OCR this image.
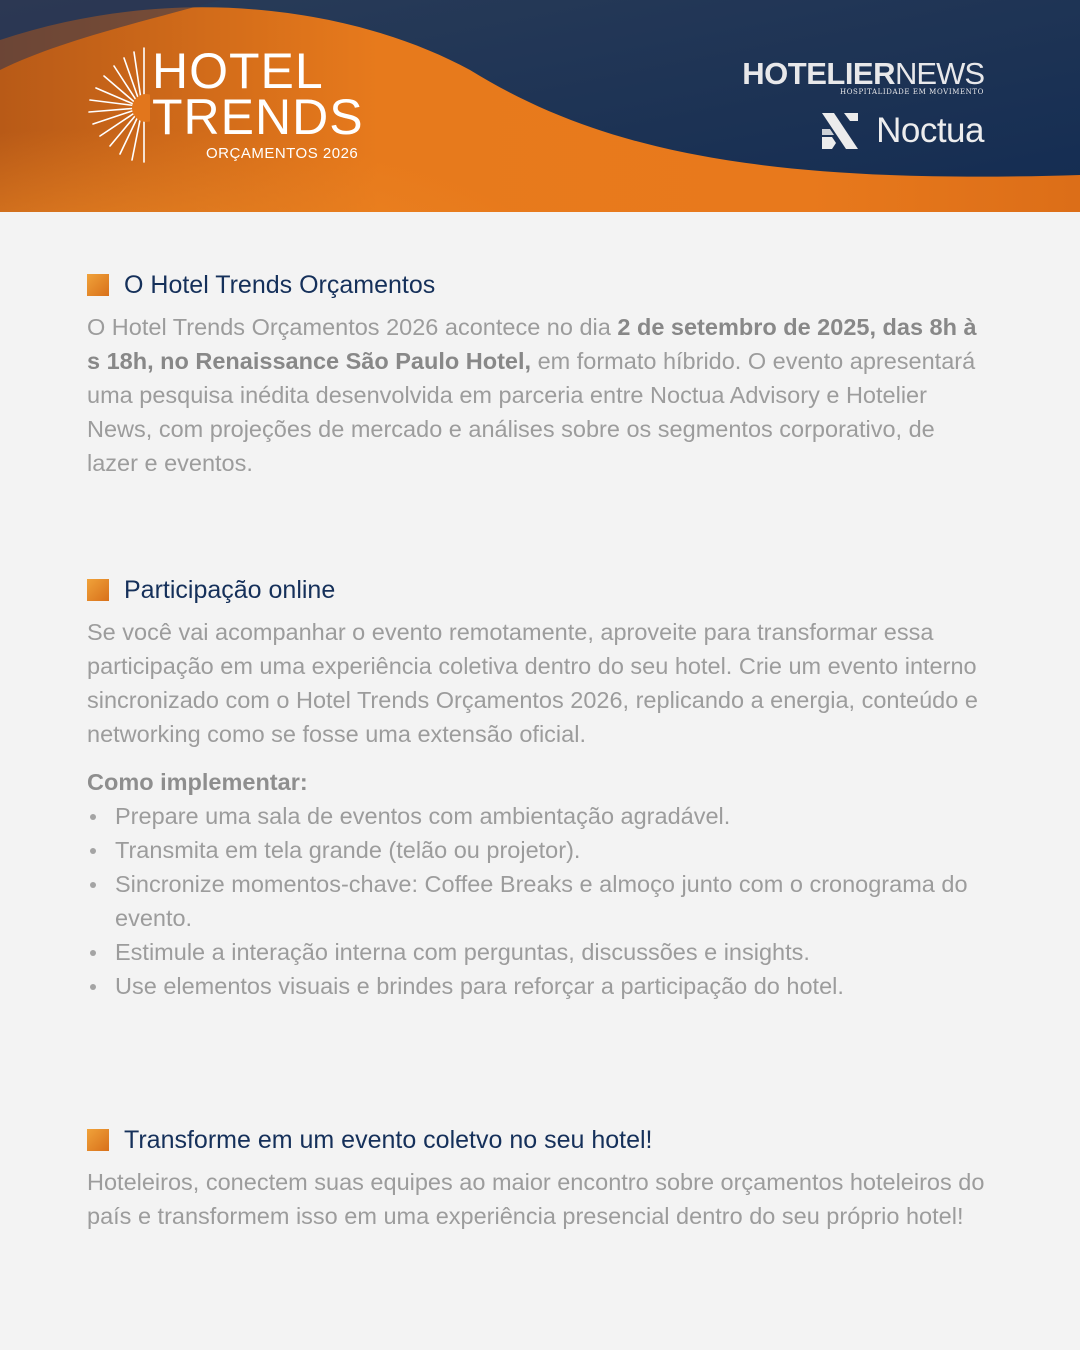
HOTEL
TRENDS
ORÇAMENTOS 2026
HOTELIERNEWS
HOSPITALIDADE EM MOVIMENTO
Noctua
O Hotel Trends Orçamentos

O Hotel Trends Orçamentos 2026 acontece no dia 2 de setembro de 2025, das 8h à s 18h, no Renaissance São Paulo Hotel, em formato híbrido. O evento apresentará uma pesquisa inédita desenvolvida em parceria entre Noctua Advisory e Hotelier News, com projeções de mercado e análises sobre os segmentos corporativo, de lazer e eventos.

Participação online

Se você vai acompanhar o evento remotamente, aproveite para transformar essa participação em uma experiência coletiva dentro do seu hotel. Crie um evento interno sincronizado com o Hotel Trends Orçamentos 2026, replicando a energia, conteúdo e networking como se fosse uma extensão oficial.

Como implementar:
Prepare uma sala de eventos com ambientação agradável.
Transmita em tela grande (telão ou projetor).
Sincronize momentos-chave: Coffee Breaks e almoço junto com o cronograma do evento.
Estimule a interação interna com perguntas, discussões e insights.
Use elementos visuais e brindes para reforçar a participação do hotel.
Transforme em um evento coletvo no seu hotel!

Hoteleiros, conectem suas equipes ao maior encontro sobre orçamentos hoteleiros do país e transformem isso em uma experiência presencial dentro do seu próprio hotel!
